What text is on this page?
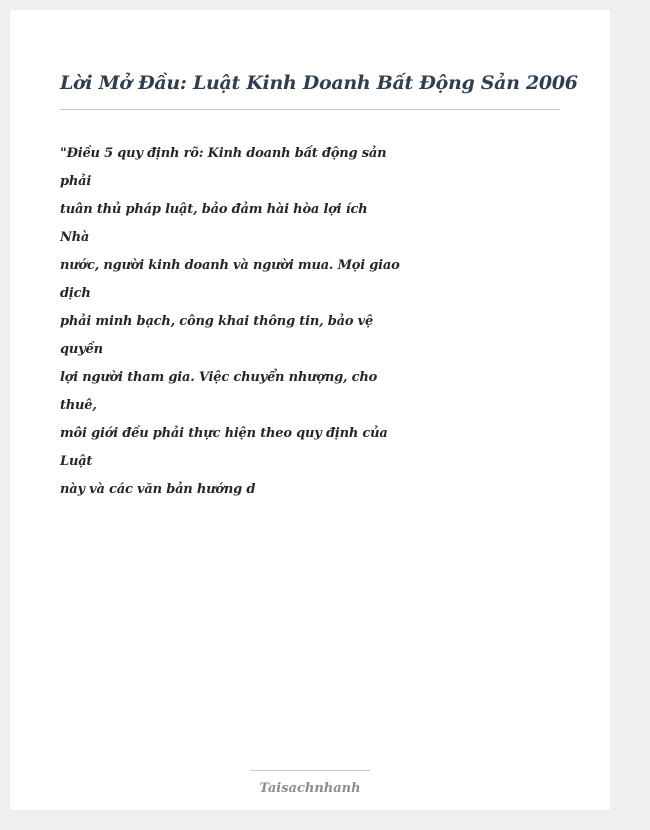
Lời Mở Đầu: Luật Kinh Doanh Bất Động Sản 2006
"Điều 5 quy định rõ: Kinh doanh bất động sản
phải
tuân thủ pháp luật, bảo đảm hài hòa lợi ích
Nhà
nước, người kinh doanh và người mua. Mọi giao
dịch
phải minh bạch, công khai thông tin, bảo vệ
quyền
lợi người tham gia. Việc chuyển nhượng, cho
thuê,
môi giới đều phải thực hiện theo quy định của
Luật
này và các văn bản hướng d
Taisachnhanh
